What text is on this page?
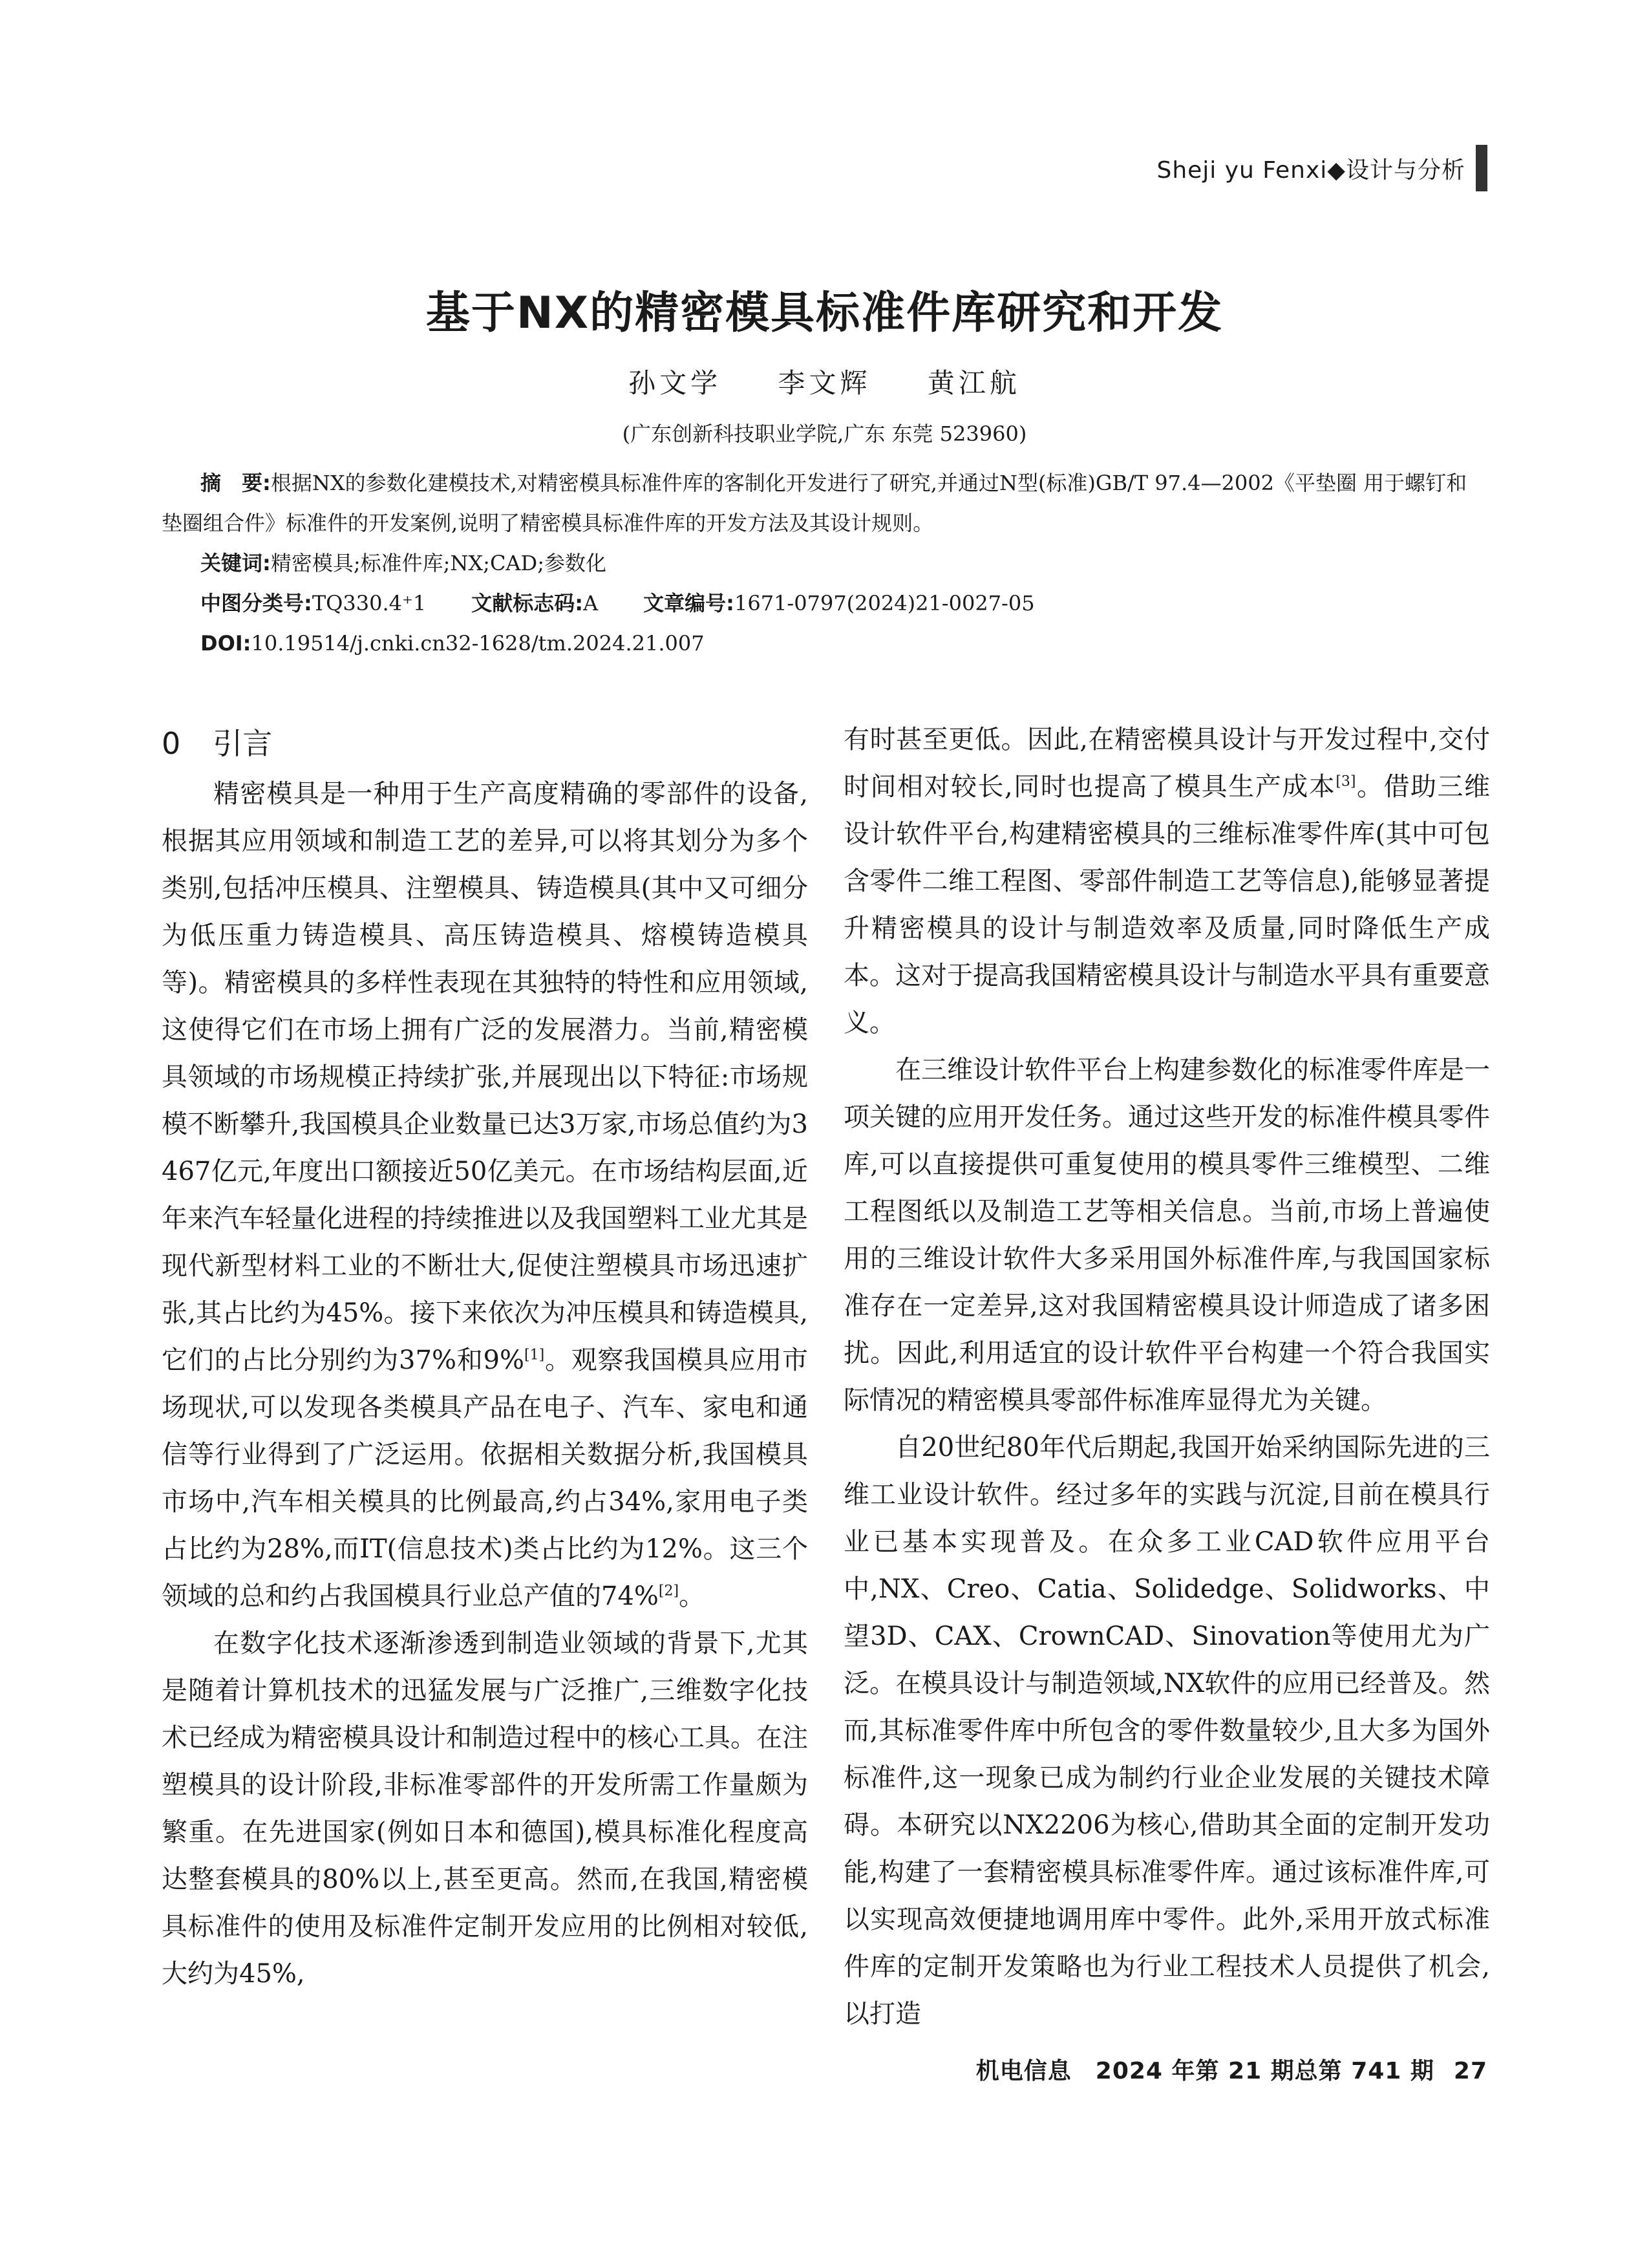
Sheji yu Fenxi◆设计与分析
基于NX的精密模具标准件库研究和开发
孙文学 李文辉 黄江航
(广东创新科技职业学院,广东 东莞 523960)
摘　要:根据NX的参数化建模技术,对精密模具标准件库的客制化开发进行了研究,并通过N型(标准)GB/T 97.4—2002《平垫圈 用于螺钉和垫圈组合件》标准件的开发案例,说明了精密模具标准件库的开发方法及其设计规则。
关键词:精密模具;标准件库;NX;CAD;参数化
中图分类号:TQ330.4⁺1 文献标志码:A 文章编号:1671-0797(2024)21-0027-05
DOI:10.19514/j.cnki.cn32-1628/tm.2024.21.007
0 引言

精密模具是一种用于生产高度精确的零部件的设备,根据其应用领域和制造工艺的差异,可以将其划分为多个类别,包括冲压模具、注塑模具、铸造模具(其中又可细分为低压重力铸造模具、高压铸造模具、熔模铸造模具等)。精密模具的多样性表现在其独特的特性和应用领域,这使得它们在市场上拥有广泛的发展潜力。当前,精密模具领域的市场规模正持续扩张,并展现出以下特征:市场规模不断攀升,我国模具企业数量已达3万家,市场总值约为3 467亿元,年度出口额接近50亿美元。在市场结构层面,近年来汽车轻量化进程的持续推进以及我国塑料工业尤其是现代新型材料工业的不断壮大,促使注塑模具市场迅速扩张,其占比约为45%。接下来依次为冲压模具和铸造模具,它们的占比分别约为37%和9%[1]。观察我国模具应用市场现状,可以发现各类模具产品在电子、汽车、家电和通信等行业得到了广泛运用。依据相关数据分析,我国模具市场中,汽车相关模具的比例最高,约占34%,家用电子类占比约为28%,而IT(信息技术)类占比约为12%。这三个领域的总和约占我国模具行业总产值的74%[2]。

在数字化技术逐渐渗透到制造业领域的背景下,尤其是随着计算机技术的迅猛发展与广泛推广,三维数字化技术已经成为精密模具设计和制造过程中的核心工具。在注塑模具的设计阶段,非标准零部件的开发所需工作量颇为繁重。在先进国家(例如日本和德国),模具标准化程度高达整套模具的80%以上,甚至更高。然而,在我国,精密模具标准件的使用及标准件定制开发应用的比例相对较低,大约为45%,

有时甚至更低。因此,在精密模具设计与开发过程中,交付时间相对较长,同时也提高了模具生产成本[3]。借助三维设计软件平台,构建精密模具的三维标准零件库(其中可包含零件二维工程图、零部件制造工艺等信息),能够显著提升精密模具的设计与制造效率及质量,同时降低生产成本。这对于提高我国精密模具设计与制造水平具有重要意义。

在三维设计软件平台上构建参数化的标准零件库是一项关键的应用开发任务。通过这些开发的标准件模具零件库,可以直接提供可重复使用的模具零件三维模型、二维工程图纸以及制造工艺等相关信息。当前,市场上普遍使用的三维设计软件大多采用国外标准件库,与我国国家标准存在一定差异,这对我国精密模具设计师造成了诸多困扰。因此,利用适宜的设计软件平台构建一个符合我国实际情况的精密模具零部件标准库显得尤为关键。

自20世纪80年代后期起,我国开始采纳国际先进的三维工业设计软件。经过多年的实践与沉淀,目前在模具行业已基本实现普及。在众多工业CAD软件应用平台中,NX、Creo、Catia、Solidedge、Solidworks、中望3D、CAX、CrownCAD、Sinovation等使用尤为广泛。在模具设计与制造领域,NX软件的应用已经普及。然而,其标准零件库中所包含的零件数量较少,且大多为国外标准件,这一现象已成为制约行业企业发展的关键技术障碍。本研究以NX2206为核心,借助其全面的定制开发功能,构建了一套精密模具标准零件库。通过该标准件库,可以实现高效便捷地调用库中零件。此外,采用开放式标准件库的定制开发策略也为行业工程技术人员提供了机会,以打造

机电信息　2024 年第 21 期总第 741 期 27
